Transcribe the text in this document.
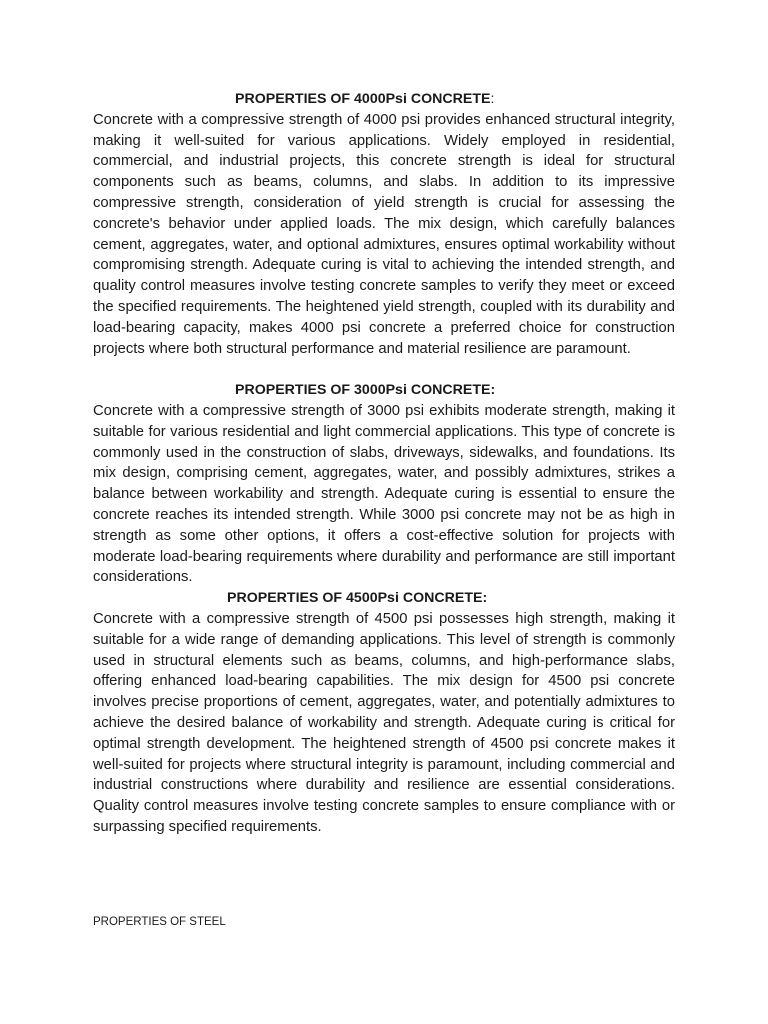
PROPERTIES OF 4000Psi CONCRETE:

Concrete with a compressive strength of 4000 psi provides enhanced structural integrity, making it well-suited for various applications. Widely employed in residential, commercial, and industrial projects, this concrete strength is ideal for structural components such as beams, columns, and slabs. In addition to its impressive compressive strength, consideration of yield strength is crucial for assessing the concrete's behavior under applied loads. The mix design, which carefully balances cement, aggregates, water, and optional admixtures, ensures optimal workability without compromising strength. Adequate curing is vital to achieving the intended strength, and quality control measures involve testing concrete samples to verify they meet or exceed the specified requirements. The heightened yield strength, coupled with its durability and load-bearing capacity, makes 4000 psi concrete a preferred choice for construction projects where both structural performance and material resilience are paramount.

PROPERTIES OF 3000Psi CONCRETE:

Concrete with a compressive strength of 3000 psi exhibits moderate strength, making it suitable for various residential and light commercial applications. This type of concrete is commonly used in the construction of slabs, driveways, sidewalks, and foundations. Its mix design, comprising cement, aggregates, water, and possibly admixtures, strikes a balance between workability and strength. Adequate curing is essential to ensure the concrete reaches its intended strength. While 3000 psi concrete may not be as high in strength as some other options, it offers a cost-effective solution for projects with moderate load-bearing requirements where durability and performance are still important considerations.

PROPERTIES OF 4500Psi CONCRETE:

Concrete with a compressive strength of 4500 psi possesses high strength, making it suitable for a wide range of demanding applications. This level of strength is commonly used in structural elements such as beams, columns, and high-performance slabs, offering enhanced load-bearing capabilities. The mix design for 4500 psi concrete involves precise proportions of cement, aggregates, water, and potentially admixtures to achieve the desired balance of workability and strength. Adequate curing is critical for optimal strength development. The heightened strength of 4500 psi concrete makes it well-suited for projects where structural integrity is paramount, including commercial and industrial constructions where durability and resilience are essential considerations. Quality control measures involve testing concrete samples to ensure compliance with or surpassing specified requirements.

PROPERTIES OF STEEL
